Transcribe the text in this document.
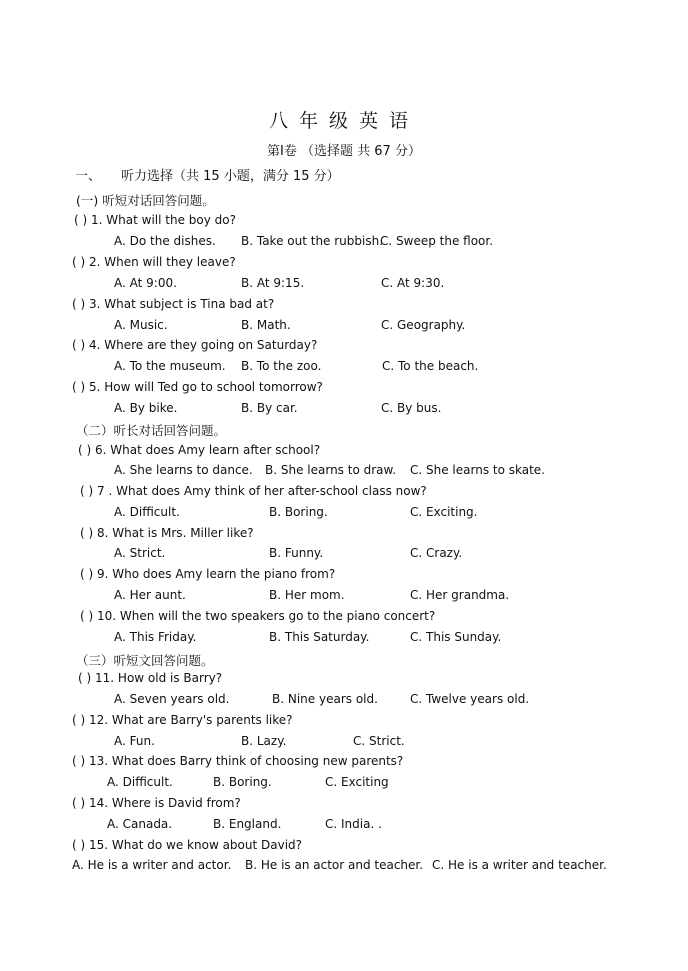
八年级英语
第Ⅰ卷 （选择题 共 67 分）
一、 听力选择（共 15 小题，满分 15 分）
(一) 听短对话回答问题。
( ) 1. What will the boy do?
A. Do the dishes. B. Take out the rubbish.
C. Sweep the floor.
( ) 2. When will they leave?
A. At 9:00.	B. At 9:15.	C. At 9:30.
( ) 3. What subject is Tina bad at?
A. Music.	B. Math.	C. Geography.
( ) 4. Where are they going on Saturday?
A. To the museum. B. To the zoo.	C. To the beach.
( ) 5. How will Ted go to school tomorrow?
A. By bike.	B. By car.	C. By bus.
（二）听长对话回答问题。
( ) 6. What does Amy learn after school?
A. She learns to dance. B. She learns to draw. C. She learns to skate.
( ) 7 . What does Amy think of her after-school class now?
A. Difficult.	B. Boring.	C. Exciting.
( ) 8. What is Mrs. Miller like?
A. Strict.	B. Funny.	C. Crazy.
( ) 9. Who does Amy learn the piano from?
A. Her aunt.	B. Her mom.	C. Her grandma.
( ) 10. When will the two speakers go to the piano concert?
A. This Friday.	B. This Saturday.	C. This Sunday.
（三）听短文回答问题。
( ) 11. How old is Barry?
A. Seven years old.	B. Nine years old.	C. Twelve years old.
( ) 12. What are Barry's parents like?
A. Fun.	B. Lazy.	C. Strict.
( ) 13. What does Barry think of choosing new parents?
A. Difficult.	B. Boring.	C. Exciting
( ) 14. Where is David from?
A. Canada.	B. England.	C. India. .
( ) 15. What do we know about David?
A. He is a writer and actor. B. He is an actor and teacher. C. He is a writer and teacher.
